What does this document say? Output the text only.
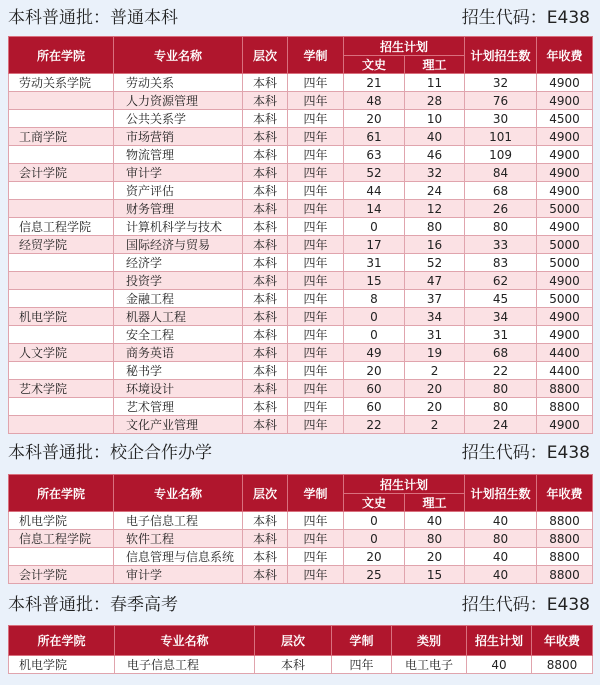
本科普通批：普通本科	招生代码：E438
所在学院	专业名称	层次	学制	招生计划		计划招生数	年收费
				文史	理工		
劳动关系学院	劳动关系	本科	四年	21	11	32	4900
	人力资源管理	本科	四年	48	28	76	4900
	公共关系学	本科	四年	20	10	30	4500
工商学院	市场营销	本科	四年	61	40	101	4900
	物流管理	本科	四年	63	46	109	4900
会计学院	审计学	本科	四年	52	32	84	4900
	资产评估	本科	四年	44	24	68	4900
	财务管理	本科	四年	14	12	26	5000
信息工程学院	计算机科学与技术	本科	四年	0	80	80	4900
经贸学院	国际经济与贸易	本科	四年	17	16	33	5000
	经济学	本科	四年	31	52	83	5000
	投资学	本科	四年	15	47	62	4900
	金融工程	本科	四年	8	37	45	5000
机电学院	机器人工程	本科	四年	0	34	34	4900
	安全工程	本科	四年	0	31	31	4900
人文学院	商务英语	本科	四年	49	19	68	4400
	秘书学	本科	四年	20	2	22	4400
艺术学院	环境设计	本科	四年	60	20	80	8800
	艺术管理	本科	四年	60	20	80	8800
	文化产业管理	本科	四年	22	2	24	4900
本科普通批：校企合作办学	招生代码：E438
所在学院	专业名称	层次	学制	招生计划		计划招生数	年收费
				文史	理工		
机电学院	电子信息工程	本科	四年	0	40	40	8800
信息工程学院	软件工程	本科	四年	0	80	80	8800
	信息管理与信息系统	本科	四年	20	20	40	8800
会计学院	审计学	本科	四年	25	15	40	8800
本科普通批：春季高考	招生代码：E438
所在学院	专业名称	层次	学制	类别	招生计划	年收费
机电学院	电子信息工程	本科	四年	电工电子	40	8800
